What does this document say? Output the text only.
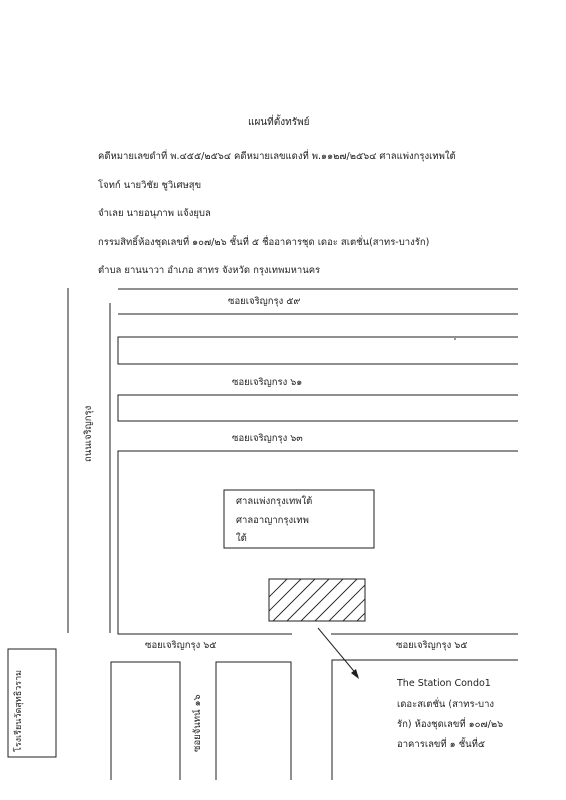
แผนที่ตั้งทรัพย์
คดีหมายเลขดำที่ พ.๔๕๕/๒๕๖๔ คดีหมายเลขแดงที่ พ.๑๑๒๗/๒๕๖๔ ศาลแพ่งกรุงเทพใต้
โจทก์ นายวิชัย ชูวิเศษสุข
จำเลย นายอนุภาพ แจ้งยุบล
กรรมสิทธิ์ห้องชุดเลขที่ ๑๐๗/๒๖ ชั้นที่ ๕ ชื่ออาคารชุด เดอะ สเตชั่น(สาทร-บางรัก)
ตำบล ยานนาวา อำเภอ สาทร จังหวัด กรุงเทพมหานคร
ซอยเจริญกรุง ๕๙
ซอยเจริญกรง ๖๑
ซอยเจริญกรุง ๖๓
ซอยเจริญกรุง ๖๕	ซอยเจริญกรุง ๖๕
ถนนเจริญกรุง
ซอยจันทน์ ๑๖
โรงเรียนวัดสุทธิวราม
ศาลแพ่งกรุงเทพใต้
ศาลอาญากรุงเทพ
ใต้
The Station Condo1
เดอะสเตชั่น (สาทร-บาง
รัก) ห้องชุดเลขที่ ๑๐๗/๒๖
อาคารเลขที่ ๑ ชั้นที่๕
